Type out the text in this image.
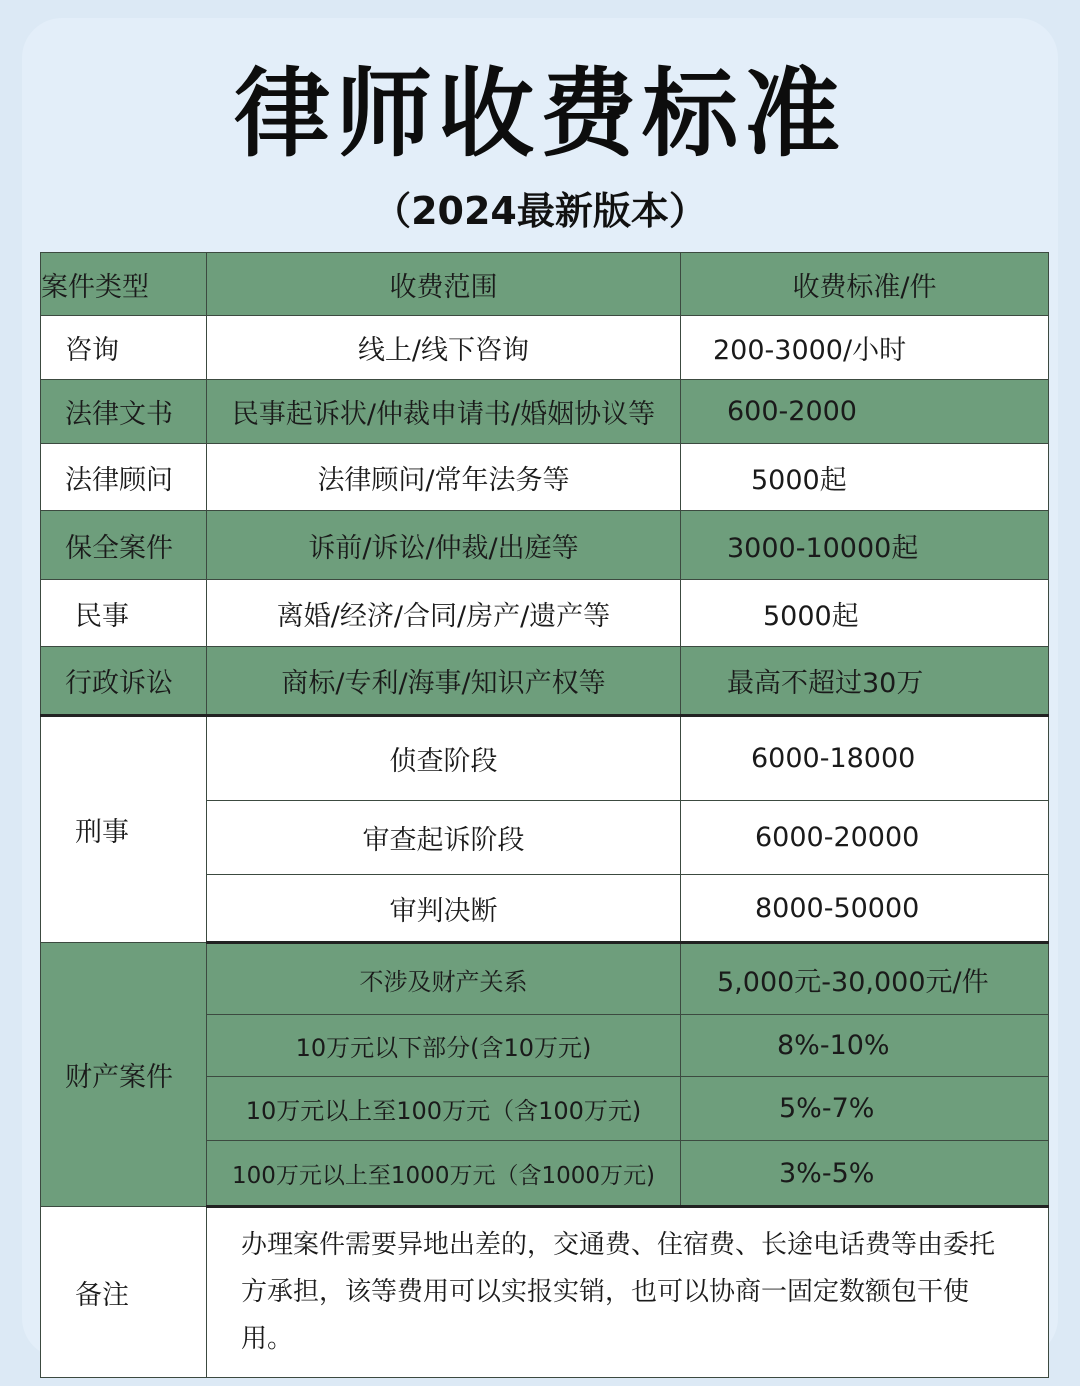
律师收费标准
（2024最新版本）
案件类型	收费范围	收费标准/件
咨询	线上/线下咨询	200-3000/小时
法律文书	民事起诉状/仲裁申请书/婚姻协议等	600-2000
法律顾问	法律顾问/常年法务等	5000起
保全案件	诉前/诉讼/仲裁/出庭等	3000-10000起
民事	离婚/经济/合同/房产/遗产等	5000起
行政诉讼	商标/专利/海事/知识产权等	最高不超过30万
刑事	侦查阶段	6000-18000
	审查起诉阶段	6000-20000
	审判决断	8000-50000
财产案件	不涉及财产关系	5,000元-30,000元/件
	10万元以下部分(含10万元)	8%-10%
	10万元以上至100万元（含100万元)	5%-7%
	100万元以上至1000万元（含1000万元)	3%-5%
备注	办理案件需要异地出差的，交通费、住宿费、长途电话费等由委托方承担，该等费用可以实报实销，也可以协商一固定数额包干使用。	
